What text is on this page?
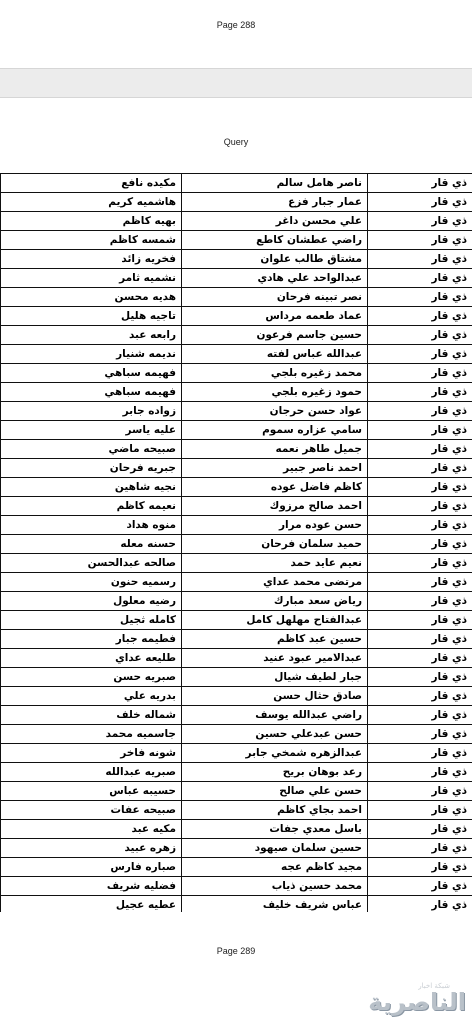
Page 288
Query
مكيده نافع	ناصر هامل سالم	ذي قار
هاشميه كريم	عمار جبار فزع	ذي قار
بهيه كاظم	علي محسن داغر	ذي قار
شمسه كاظم	راضي عطشان كاطع	ذي قار
فخريه زائد	مشتاق طالب علوان	ذي قار
نشميه ثامر	عبدالواحد علي هادي	ذي قار
هديه محسن	نصر تبينه فرحان	ذي قار
تاجيه هليل	عماد طعمه مرداس	ذي قار
رابعه عبد	حسين جاسم فرعون	ذي قار
نديمه شنيار	عبدالله عباس لفته	ذي قار
فهيمه سباهي	محمد زغيره بلجي	ذي قار
فهيمه سباهي	حمود زغيره بلجي	ذي قار
زواده جابر	عواد حسن حرجان	ذي قار
عليه ياسر	سامي عزاره سموم	ذي قار
صبيحه ماضي	جميل طاهر نعمه	ذي قار
جبريه فرحان	احمد ناصر جبير	ذي قار
نجيه شاهين	كاظم فاضل عوده	ذي قار
نعيمه كاظم	احمد صالح مرزوك	ذي قار
منوه هداد	حسن عوده مرار	ذي قار
حسنه معله	حميد سلمان فرحان	ذي قار
صالحه عبدالحسن	نعيم عايد حمد	ذي قار
رسميه حنون	مرتضى محمد عداي	ذي قار
رضيه معلول	رياض سعد مبارك	ذي قار
كامله ثجيل	عبدالفتاح مهلهل كامل	ذي قار
فطيمه جبار	حسين عبد كاظم	ذي قار
طليعه عداي	عبدالامير عبود عنيد	ذي قار
صبريه حسن	جبار لطيف شيال	ذي قار
بدريه علي	صادق حثال حسن	ذي قار
شماله خلف	راضي عبدالله يوسف	ذي قار
جاسميه محمد	حسن عبدعلي حسين	ذي قار
شونه فاخر	عبدالزهره شمخي جابر	ذي قار
صبريه عبدالله	رعد بوهان بريح	ذي قار
حسيبه عباس	حسن علي صالح	ذي قار
صبيحه عفات	احمد بجاي كاظم	ذي قار
مكيه عبد	باسل معدي جفات	ذي قار
زهره عبيد	حسين سلمان صيهود	ذي قار
صباره فارس	مجيد كاظم عجه	ذي قار
فضليه شريف	محمد حسين ذياب	ذي قار
عطيه عجيل	عباس شريف خليف	ذي قار
Page 289
شبكة اخبار
الناصرية
